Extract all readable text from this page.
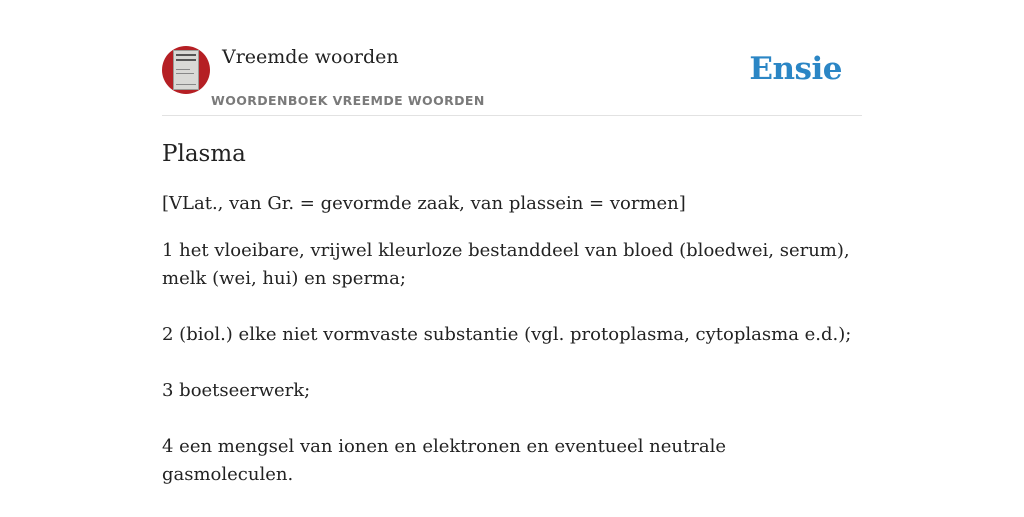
Vreemde woorden
WOORDENBOEK VREEMDE WOORDEN
Ensie
Plasma

[VLat., van Gr. = gevormde zaak, van plassein = vormen]

1 het vloeibare, vrijwel kleurloze bestanddeel van bloed (bloedwei, serum), melk (wei, hui) en sperma;
2 (biol.) elke niet vormvaste substantie (vgl. protoplasma, cytoplasma e.d.);
3 boetseerwerk;
4 een mengsel van ionen en elektronen en eventueel neutrale gasmoleculen.
